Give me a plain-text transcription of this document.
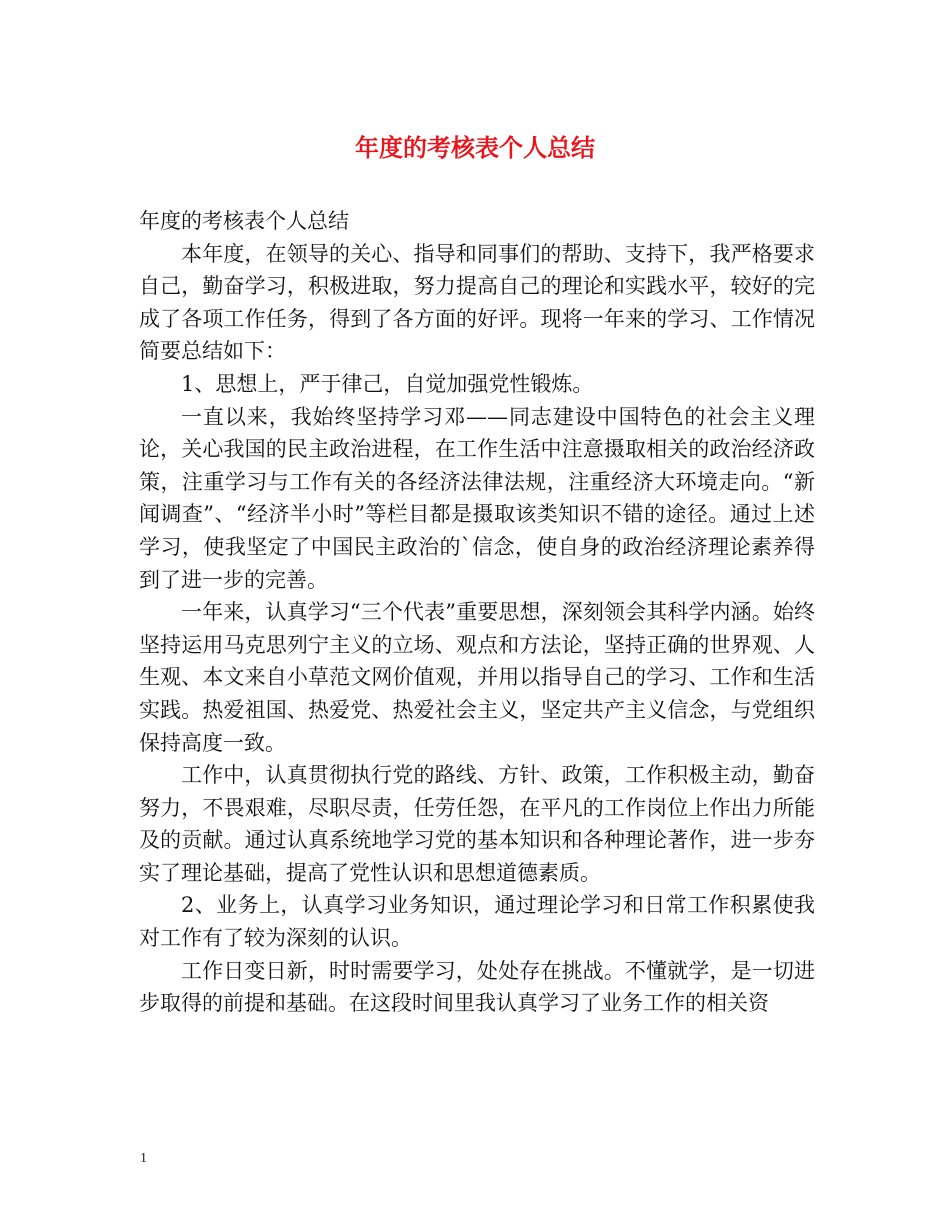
年度的考核表个人总结

年度的考核表个人总结

本年度，在领导的关心、指导和同事们的帮助、支持下，我严格要求自己，勤奋学习，积极进取，努力提高自己的理论和实践水平，较好的完成了各项工作任务，得到了各方面的好评。现将一年来的学习、工作情况简要总结如下：

1、思想上，严于律己，自觉加强党性锻炼。

一直以来，我始终坚持学习邓——同志建设中国特色的社会主义理论，关心我国的民主政治进程，在工作生活中注意摄取相关的政治经济政策，注重学习与工作有关的各经济法律法规，注重经济大环境走向。“新闻调查”、“经济半小时”等栏目都是摄取该类知识不错的途径。通过上述学习，使我坚定了中国民主政治的`信念，使自身的政治经济理论素养得到了进一步的完善。

一年来，认真学习“三个代表”重要思想，深刻领会其科学内涵。始终坚持运用马克思列宁主义的立场、观点和方法论，坚持正确的世界观、人生观、本文来自小草范文网价值观，并用以指导自己的学习、工作和生活实践。热爱祖国、热爱党、热爱社会主义，坚定共产主义信念，与党组织保持高度一致。

工作中，认真贯彻执行党的路线、方针、政策，工作积极主动，勤奋努力，不畏艰难，尽职尽责，任劳任怨，在平凡的工作岗位上作出力所能及的贡献。通过认真系统地学习党的基本知识和各种理论著作，进一步夯实了理论基础，提高了党性认识和思想道德素质。

2、业务上，认真学习业务知识，通过理论学习和日常工作积累使我对工作有了较为深刻的认识。

工作日变日新，时时需要学习，处处存在挑战。不懂就学，是一切进步取得的前提和基础。在这段时间里我认真学习了业务工作的相关资

1
